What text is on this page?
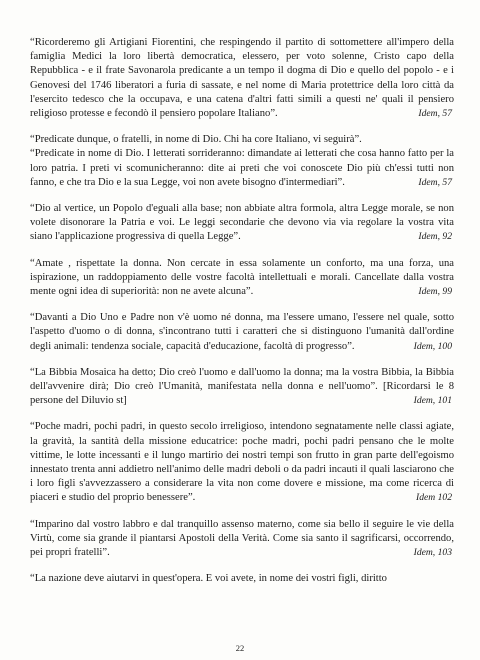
“Ricorderemo gli Artigiani Fiorentini, che respingendo il partito di sottomettere all'impero della famiglia Medici la loro libertà democratica, elessero, per voto solenne, Cristo capo della Repubblica - e il frate Savonarola predicante a un tempo il dogma di Dio e quello del popolo - e i Genovesi del 1746 liberatori a furia di sassate, e nel nome di Maria protettrice della loro città da l'esercito tedesco che la occupava, e una catena d'altri fatti simili a questi ne' quali il pensiero religioso protesse e fecondò il pensiero popolare Italiano”.	Idem, 57

“Predicate dunque, o fratelli, in nome di Dio. Chi ha core Italiano, vi seguirà”.

“Predicate in nome di Dio. I letterati sorrideranno: dimandate ai letterati che cosa hanno fatto per la loro patria. I preti vi scomunicheranno: dite ai preti che voi conoscete Dio più ch'essi tutti non fanno, e che tra Dio e la sua Legge, voi non avete bisogno d'intermediari”.	Idem, 57

“Dio al vertice, un Popolo d'eguali alla base; non abbiate altra formola, altra Legge morale, se non volete disonorare la Patria e voi. Le leggi secondarie che devono via via regolare la vostra vita siano l'applicazione progressiva di quella Legge”.	Idem, 92

“Amate , rispettate la donna. Non cercate in essa solamente un conforto, ma una forza, una ispirazione, un raddoppiamento delle vostre facoltà intellettuali e morali. Cancellate dalla vostra mente ogni idea di superiorità: non ne avete alcuna”.	Idem, 99

“Davanti a Dio Uno e Padre non v'è uomo né donna, ma l'essere umano, l'essere nel quale, sotto l'aspetto d'uomo o di donna, s'incontrano tutti i caratteri che si distinguono l'umanità dall'ordine degli animali: tendenza sociale, capacità d'educazione, facoltà di progresso”.	Idem, 100

“La Bibbia Mosaica ha detto; Dio creò l'uomo e dall'uomo la donna; ma la vostra Bibbia, la Bibbia dell'avvenire dirà; Dio creò l'Umanità, manifestata nella donna e nell'uomo”. [Ricordarsi le 8 persone del Diluvio st]	Idem, 101

“Poche madri, pochi padri, in questo secolo irreligioso, intendono segnatamente nelle classi agiate, la gravità, la santità della missione educatrice: poche madri, pochi padri pensano che le molte vittime, le lotte incessanti e il lungo martirio dei nostri tempi son frutto in gran parte dell'egoismo innestato trenta anni addietro nell'animo delle madri deboli o da padri incauti il quali lasciarono che i loro figli s'avvezzassero a considerare la vita non come dovere e missione, ma come ricerca di piaceri e studio del proprio benessere”.	Idem 102

“Imparino dal vostro labbro e dal tranquillo assenso materno, come sia bello il seguire le vie della Virtù, come sia grande il piantarsi Apostoli della Verità. Come sia santo il sagrificarsi, occorrendo, pei propri fratelli”.	Idem, 103

“La nazione deve aiutarvi in quest'opera. E voi avete, in nome dei vostri figli, diritto

22
